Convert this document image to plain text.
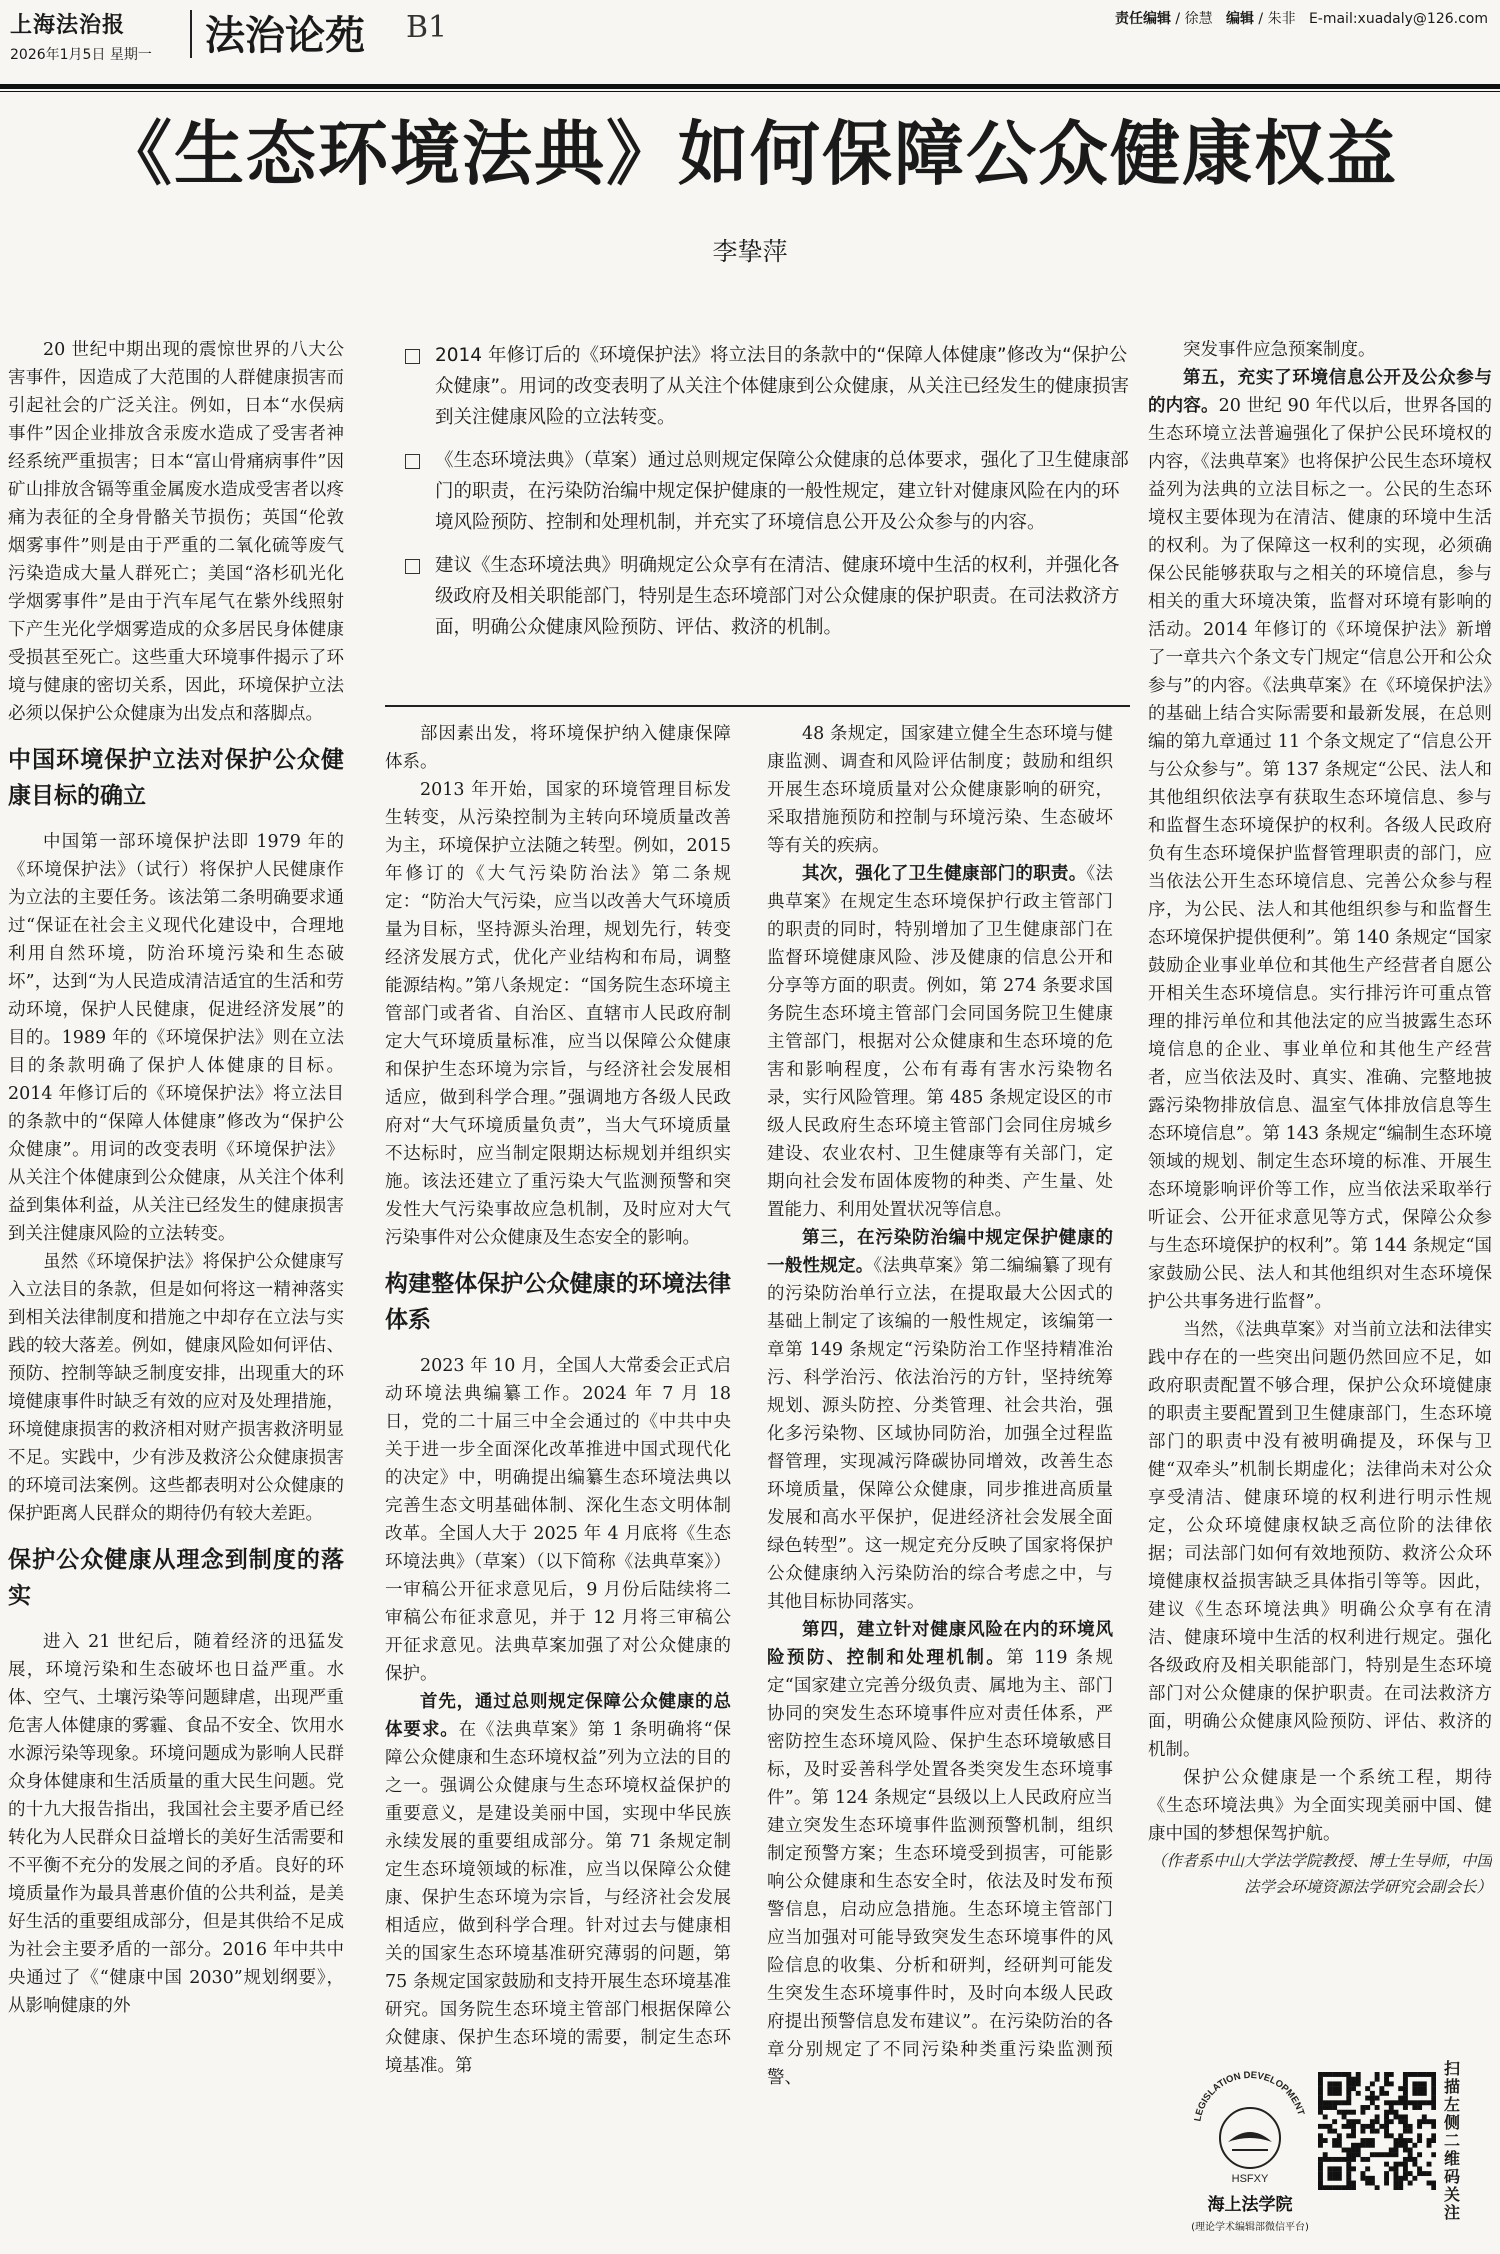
上海法治报
2026年1月5日 星期一 法治论苑 B1	责任编辑 / 徐慧 编辑 / 朱非 E-mail:xuadaly@126.com
《生态环境法典》如何保障公众健康权益
李挚萍
2014 年修订后的《环境保护法》将立法目的条款中的“保障人体健康”修改为“保护公众健康”。用词的改变表明了从关注个体健康到公众健康，从关注已经发生的健康损害到关注健康风险的立法转变。
《生态环境法典》（草案）通过总则规定保障公众健康的总体要求，强化了卫生健康部门的职责，在污染防治编中规定保护健康的一般性规定，建立针对健康风险在内的环境风险预防、控制和处理机制，并充实了环境信息公开及公众参与的内容。
建议《生态环境法典》明确规定公众享有在清洁、健康环境中生活的权利，并强化各级政府及相关职能部门，特别是生态环境部门对公众健康的保护职责。在司法救济方面，明确公众健康风险预防、评估、救济的机制。

20 世纪中期出现的震惊世界的八大公害事件，因造成了大范围的人群健康损害而引起社会的广泛关注。例如，日本“水俣病事件”因企业排放含汞废水造成了受害者神经系统严重损害；日本“富山骨痛病事件”因矿山排放含镉等重金属废水造成受害者以疼痛为表征的全身骨骼关节损伤；英国“伦敦烟雾事件”则是由于严重的二氧化硫等废气污染造成大量人群死亡；美国“洛杉矶光化学烟雾事件”是由于汽车尾气在紫外线照射下产生光化学烟雾造成的众多居民身体健康受损甚至死亡。这些重大环境事件揭示了环境与健康的密切关系，因此，环境保护立法必须以保护公众健康为出发点和落脚点。

中国环境保护立法对保护公众健康目标的确立

中国第一部环境保护法即 1979 年的《环境保护法》（试行）将保护人民健康作为立法的主要任务。该法第二条明确要求通过“保证在社会主义现代化建设中，合理地利用自然环境，防治环境污染和生态破坏”，达到“为人民造成清洁适宜的生活和劳动环境，保护人民健康，促进经济发展”的目的。1989 年的《环境保护法》则在立法目的条款明确了保护人体健康的目标。2014 年修订后的《环境保护法》将立法目的条款中的“保障人体健康”修改为“保护公众健康”。用词的改变表明《环境保护法》从关注个体健康到公众健康，从关注个体利益到集体利益，从关注已经发生的健康损害到关注健康风险的立法转变。

虽然《环境保护法》将保护公众健康写入立法目的条款，但是如何将这一精神落实到相关法律制度和措施之中却存在立法与实践的较大落差。例如，健康风险如何评估、预防、控制等缺乏制度安排，出现重大的环境健康事件时缺乏有效的应对及处理措施，环境健康损害的救济相对财产损害救济明显不足。实践中，少有涉及救济公众健康损害的环境司法案例。这些都表明对公众健康的保护距离人民群众的期待仍有较大差距。

保护公众健康从理念到制度的落实

进入 21 世纪后，随着经济的迅猛发展，环境污染和生态破坏也日益严重。水体、空气、土壤污染等问题肆虐，出现严重危害人体健康的雾霾、食品不安全、饮用水水源污染等现象。环境问题成为影响人民群众身体健康和生活质量的重大民生问题。党的十九大报告指出，我国社会主要矛盾已经转化为人民群众日益增长的美好生活需要和不平衡不充分的发展之间的矛盾。良好的环境质量作为最具普惠价值的公共利益，是美好生活的重要组成部分，但是其供给不足成为社会主要矛盾的一部分。2016 年中共中央通过了《“健康中国 2030”规划纲要》，从影响健康的外

部因素出发，将环境保护纳入健康保障体系。

2013 年开始，国家的环境管理目标发生转变，从污染控制为主转向环境质量改善为主，环境保护立法随之转型。例如，2015 年修订的《大气污染防治法》第二条规定：“防治大气污染，应当以改善大气环境质量为目标，坚持源头治理，规划先行，转变经济发展方式，优化产业结构和布局，调整能源结构。”第八条规定：“国务院生态环境主管部门或者省、自治区、直辖市人民政府制定大气环境质量标准，应当以保障公众健康和保护生态环境为宗旨，与经济社会发展相适应，做到科学合理。”强调地方各级人民政府对“大气环境质量负责”，当大气环境质量不达标时，应当制定限期达标规划并组织实施。该法还建立了重污染大气监测预警和突发性大气污染事故应急机制，及时应对大气污染事件对公众健康及生态安全的影响。

构建整体保护公众健康的环境法律体系

2023 年 10 月，全国人大常委会正式启动环境法典编纂工作。2024 年 7 月 18 日，党的二十届三中全会通过的《中共中央关于进一步全面深化改革推进中国式现代化的决定》中，明确提出编纂生态环境法典以完善生态文明基础体制、深化生态文明体制改革。全国人大于 2025 年 4 月底将《生态环境法典》（草案）（以下简称《法典草案》）一审稿公开征求意见后，9 月份后陆续将二审稿公布征求意见，并于 12 月将三审稿公开征求意见。法典草案加强了对公众健康的保护。

首先，通过总则规定保障公众健康的总体要求。在《法典草案》第 1 条明确将“保障公众健康和生态环境权益”列为立法的目的之一。强调公众健康与生态环境权益保护的重要意义，是建设美丽中国，实现中华民族永续发展的重要组成部分。第 71 条规定制定生态环境领域的标准，应当以保障公众健康、保护生态环境为宗旨，与经济社会发展相适应，做到科学合理。针对过去与健康相关的国家生态环境基准研究薄弱的问题，第 75 条规定国家鼓励和支持开展生态环境基准研究。国务院生态环境主管部门根据保障公众健康、保护生态环境的需要，制定生态环境基准。第

48 条规定，国家建立健全生态环境与健康监测、调查和风险评估制度；鼓励和组织开展生态环境质量对公众健康影响的研究，采取措施预防和控制与环境污染、生态破坏等有关的疾病。

其次，强化了卫生健康部门的职责。《法典草案》在规定生态环境保护行政主管部门的职责的同时，特别增加了卫生健康部门在监督环境健康风险、涉及健康的信息公开和分享等方面的职责。例如，第 274 条要求国务院生态环境主管部门会同国务院卫生健康主管部门，根据对公众健康和生态环境的危害和影响程度，公布有毒有害水污染物名录，实行风险管理。第 485 条规定设区的市级人民政府生态环境主管部门会同住房城乡建设、农业农村、卫生健康等有关部门，定期向社会发布固体废物的种类、产生量、处置能力、利用处置状况等信息。

第三，在污染防治编中规定保护健康的一般性规定。《法典草案》第二编编纂了现有的污染防治单行立法，在提取最大公因式的基础上制定了该编的一般性规定，该编第一章第 149 条规定“污染防治工作坚持精准治污、科学治污、依法治污的方针，坚持统筹规划、源头防控、分类管理、社会共治，强化多污染物、区域协同防治，加强全过程监督管理，实现减污降碳协同增效，改善生态环境质量，保障公众健康，同步推进高质量发展和高水平保护，促进经济社会发展全面绿色转型”。这一规定充分反映了国家将保护公众健康纳入污染防治的综合考虑之中，与其他目标协同落实。

第四，建立针对健康风险在内的环境风险预防、控制和处理机制。第 119 条规定“国家建立完善分级负责、属地为主、部门协同的突发生态环境事件应对责任体系，严密防控生态环境风险、保护生态环境敏感目标，及时妥善科学处置各类突发生态环境事件”。第 124 条规定“县级以上人民政府应当建立突发生态环境事件监测预警机制，组织制定预警方案；生态环境受到损害，可能影响公众健康和生态安全时，依法及时发布预警信息，启动应急措施。生态环境主管部门应当加强对可能导致突发生态环境事件的风险信息的收集、分析和研判，经研判可能发生突发生态环境事件时，及时向本级人民政府提出预警信息发布建议”。在污染防治的各章分别规定了不同污染种类重污染监测预警、

突发事件应急预案制度。

第五，充实了环境信息公开及公众参与的内容。20 世纪 90 年代以后，世界各国的生态环境立法普遍强化了保护公民环境权的内容，《法典草案》也将保护公民生态环境权益列为法典的立法目标之一。公民的生态环境权主要体现为在清洁、健康的环境中生活的权利。为了保障这一权利的实现，必须确保公民能够获取与之相关的环境信息，参与相关的重大环境决策，监督对环境有影响的活动。2014 年修订的《环境保护法》新增了一章共六个条文专门规定“信息公开和公众参与”的内容。《法典草案》在《环境保护法》的基础上结合实际需要和最新发展，在总则编的第九章通过 11 个条文规定了“信息公开与公众参与”。第 137 条规定“公民、法人和其他组织依法享有获取生态环境信息、参与和监督生态环境保护的权利。各级人民政府负有生态环境保护监督管理职责的部门，应当依法公开生态环境信息、完善公众参与程序，为公民、法人和其他组织参与和监督生态环境保护提供便利”。第 140 条规定“国家鼓励企业事业单位和其他生产经营者自愿公开相关生态环境信息。实行排污许可重点管理的排污单位和其他法定的应当披露生态环境信息的企业、事业单位和其他生产经营者，应当依法及时、真实、准确、完整地披露污染物排放信息、温室气体排放信息等生态环境信息”。第 143 条规定“编制生态环境领域的规划、制定生态环境的标准、开展生态环境影响评价等工作，应当依法采取举行听证会、公开征求意见等方式，保障公众参与生态环境保护的权利”。第 144 条规定“国家鼓励公民、法人和其他组织对生态环境保护公共事务进行监督”。

当然，《法典草案》对当前立法和法律实践中存在的一些突出问题仍然回应不足，如政府职责配置不够合理，保护公众环境健康的职责主要配置到卫生健康部门，生态环境部门的职责中没有被明确提及，环保与卫健“双牵头”机制长期虚化；法律尚未对公众享受清洁、健康环境的权利进行明示性规定，公众环境健康权缺乏高位阶的法律依据；司法部门如何有效地预防、救济公众环境健康权益损害缺乏具体指引等等。因此，建议《生态环境法典》明确公众享有在清洁、健康环境中生活的权利进行规定。强化各级政府及相关职能部门，特别是生态环境部门对公众健康的保护职责。在司法救济方面，明确公众健康风险预防、评估、救济的机制。

保护公众健康是一个系统工程，期待《生态环境法典》为全面实现美丽中国、健康中国的梦想保驾护航。

（作者系中山大学法学院教授、博士生导师，中国法学会环境资源法学研究会副会长）

LEGISLATION DEVELOPMENT
HSFXY
海上法学院
(理论学术编辑部微信平台)
扫描左侧二维码关注
